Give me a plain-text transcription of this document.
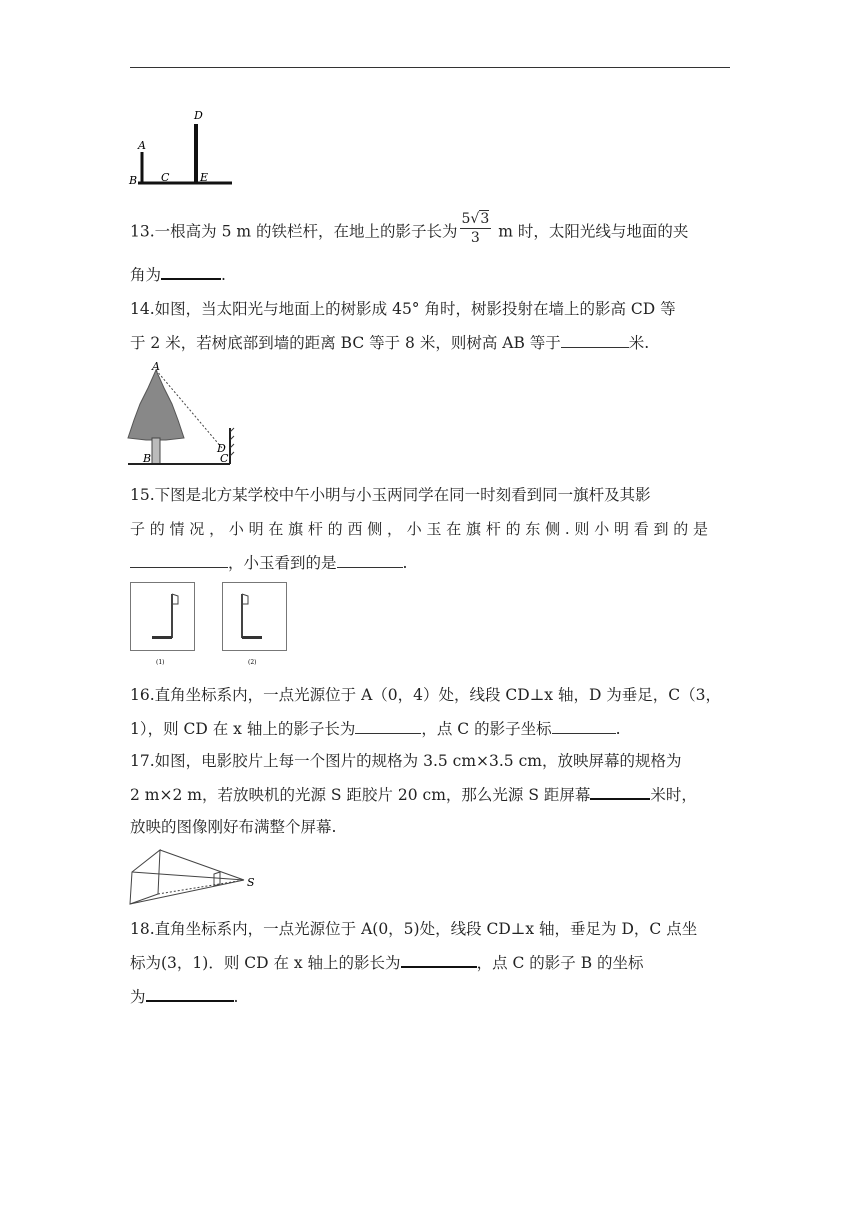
A
B C
D
E
13.一根高为 5 m 的铁栏杆，在地上的影子长为 $\frac{5√3}{3}$ m 时，太阳光线与地面的夹
角为	.
14.如图，当太阳光与地面上的树影成 45° 角时，树影投射在墙上的影高 CD 等
于 2 米，若树底部到墙的距离 BC 等于 8 米，则树高 AB 等于	米.
A
B	C
D
15.下图是北方某学校中午小明与小玉两同学在同一时刻看到同一旗杆及其影
子 的 情 况 ， 小 明 在 旗 杆 的 西 侧 ， 小 玉 在 旗 杆 的 东 侧 . 则 小 明 看 到 的 是
，小玉看到的是	.
(1)	(2)
16.直角坐标系内，一点光源位于 A（0，4）处，线段 CD⊥x 轴，D 为垂足，C（3，
1），则 CD 在 x 轴上的影子长为	，点 C 的影子坐标	.
17.如图，电影胶片上每一个图片的规格为 3.5 cm×3.5 cm，放映屏幕的规格为
2 m×2 m，若放映机的光源 S 距胶片 20 cm，那么光源 S 距屏幕	米时，
放映的图像刚好布满整个屏幕.
S
18.直角坐标系内，一点光源位于 A(0，5)处，线段 CD⊥x 轴，垂足为 D，C 点坐
标为(3，1)．则 CD 在 x 轴上的影长为	，点 C 的影子 B 的坐标
为	.
